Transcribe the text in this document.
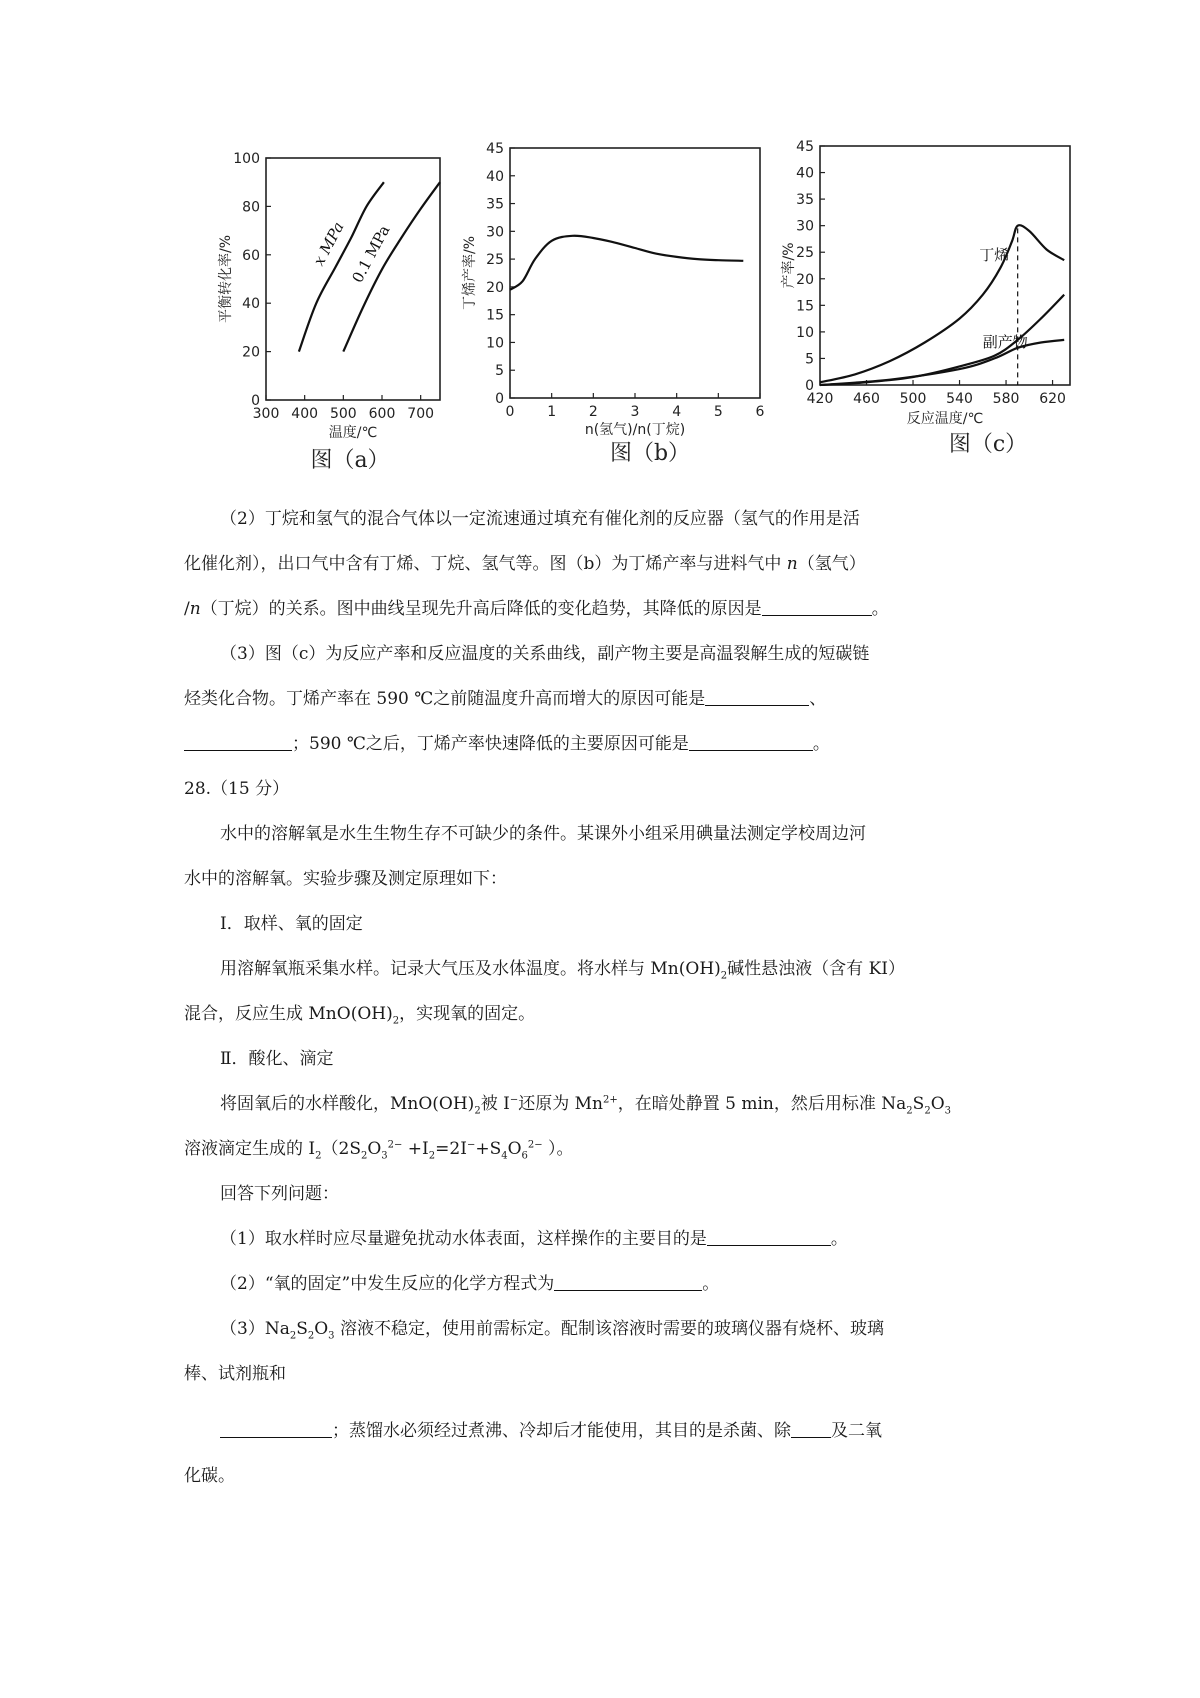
300 400 500 600 700
0
20
40
60
80
100
温度/℃
平衡转化率/%
图（a）
x MPa 0.1 MPa
0 1 2 3 4 5 6
0
5
10
15
20
25
30
35
40
45
n(氢气)/n(丁烷)
丁烯产率/%
图（b）
420 460 500 540 580 620
0
5
10
15
20
25
30
35
40
45
反应温度/℃
产率/%
图（c）
丁烯
副产物

（2）丁烷和氢气的混合气体以一定流速通过填充有催化剂的反应器（氢气的作用是活

化催化剂），出口气中含有丁烯、丁烷、氢气等。图（b）为丁烯产率与进料气中 n（氢气）

/n（丁烷）的关系。图中曲线呈现先升高后降低的变化趋势，其降低的原因是	。

（3）图（c）为反应产率和反应温度的关系曲线，副产物主要是高温裂解生成的短碳链

烃类化合物。丁烯产率在 590 ℃之前随温度升高而增大的原因可能是	、

；590 ℃之后，丁烯产率快速降低的主要原因可能是	。

28.（15 分）

水中的溶解氧是水生生物生存不可缺少的条件。某课外小组采用碘量法测定学校周边河

水中的溶解氧。实验步骤及测定原理如下：

Ⅰ．取样、氧的固定

用溶解氧瓶采集水样。记录大气压及水体温度。将水样与 $Mn(OH)_2$碱性悬浊液（含有 KI）

混合，反应生成 $MnO(OH)_2$，实现氧的固定。

Ⅱ．酸化、滴定

将固氧后的水样酸化，$MnO(OH)_2$被 I−还原为 $Mn^{2+}$，在暗处静置 5 min，然后用标准 $Na_2S_2O_3$

溶液滴定生成的 $I_2(2S_2O_3^{2-} +I_2=2I^-+S_4O_6^{2-}$ ）。

回答下列问题：

（1）取水样时应尽量避免扰动水体表面，这样操作的主要目的是	。

（2）“氧的固定”中发生反应的化学方程式为	。

$(3)Na_2S_2O_3$ 溶液不稳定，使用前需标定。配制该溶液时需要的玻璃仪器有烧杯、玻璃

棒、试剂瓶和

；蒸馏水必须经过煮沸、冷却后才能使用，其目的是杀菌、除 及二氧

化碳。
